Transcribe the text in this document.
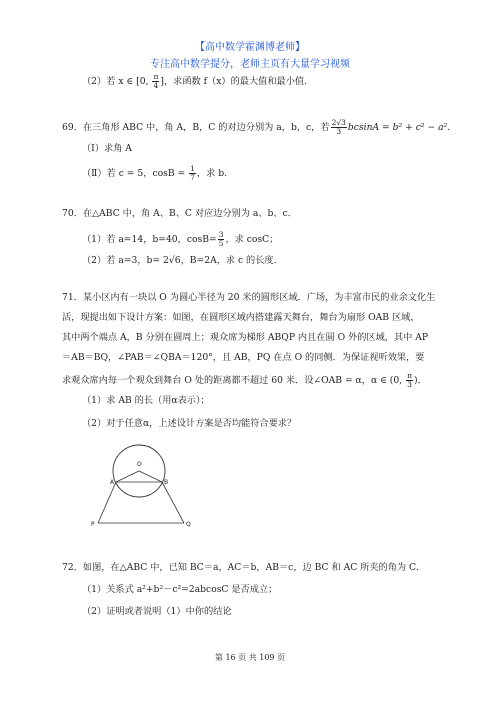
【高中数学霍渊博老师】
专注高中数学提分，老师主页有大量学习视频
（2）若 x ∈ [0, $\frac{\pi}{4}$ ]，求函数 f（x）的最大值和最小值.
69．在三角形 ABC 中，角 A，B，C 的对边分别为 a，b，c，若 $\frac{2√3}{3}$ bcsinA = b² + c² − a²．
（Ⅰ）求角 A
（Ⅱ）若 c = 5，$\cos B = \frac{1}{7}$ ，求 b.
70．在△ABC 中，角 A、B、C 对应边分别为 a、b、c．
（1）若 a=14，b=40，$\cos B= \frac{3}{5}$ ，求 cosC；
（2）若 a=3，b= 2√6，B=2A，求 c 的长度．
71．某小区内有一块以 O 为圆心半径为 20 米的圆形区域．广场，为丰富市民的业余文化生
活，现提出如下设计方案：如图，在圆形区域内搭建露天舞台，舞台为扇形 OAB 区域，
其中两个端点 A，B 分别在圆周上；观众席为梯形 ABQP 内且在圆 O 外的区域，其中 AP
＝AB＝BQ，∠PAB＝∠QBA＝120°，且 AB，PQ 在点 O 的同侧．为保证视听效果，要
求观众席内每一个观众到舞台 O 处的距离都不超过 60 米．设∠OAB = α，α ∈ (0, $\frac{\pi}{3}$ )．
（1）求 AB 的长（用α表示）；
（2）对于任意α，上述设计方案是否均能符合要求？
O
A	B
P	Q
72．如图，在△ABC 中，已知 BC＝a，AC＝b，AB＝c，边 BC 和 AC 所夹的角为 C．
（1）关系式 a²+b²－c²=2abcosC 是否成立；
（2）证明或者说明（1）中你的结论
第 16 页 共 109 页
